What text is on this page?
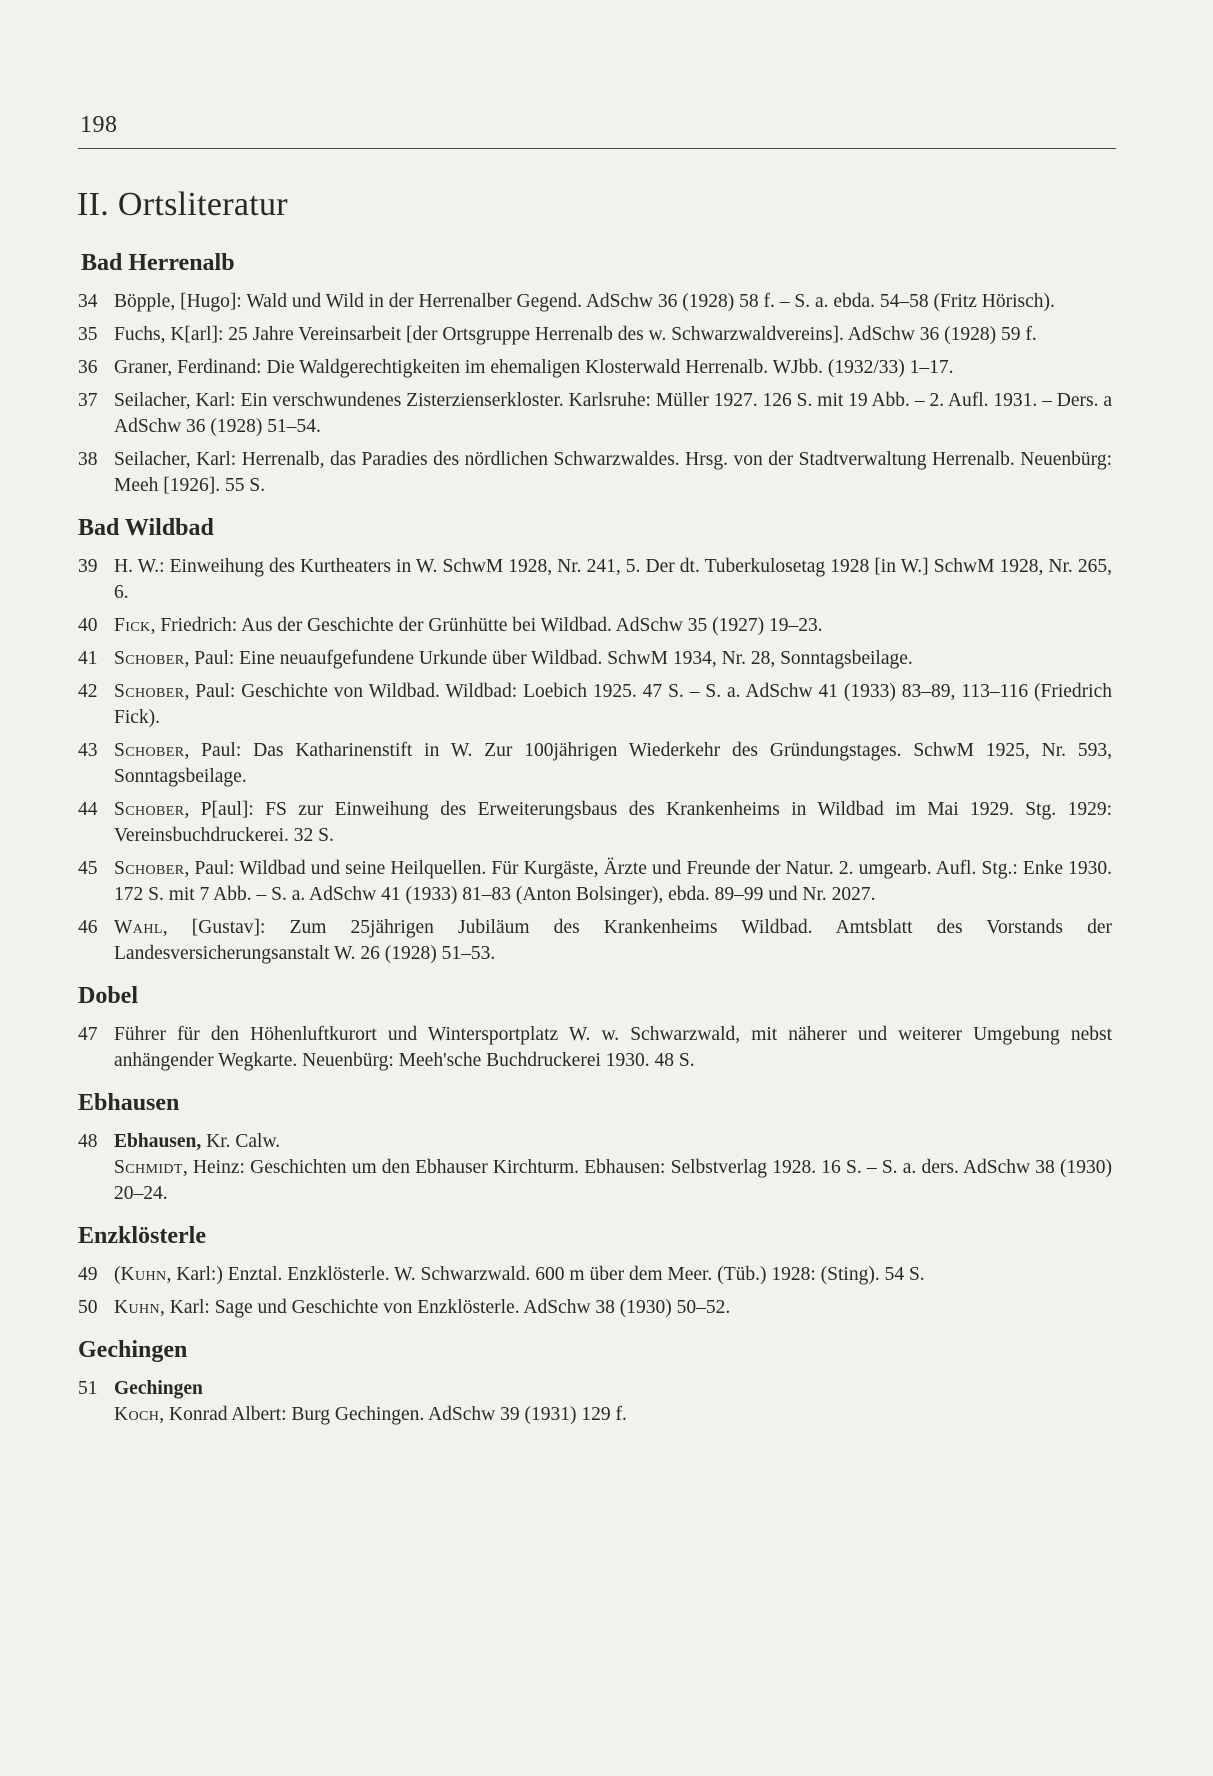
198
II. Ortsliteratur
Bad Herrenalb
34 Böpple, [Hugo]: Wald und Wild in der Herrenalber Gegend. AdSchw 36 (1928) 58 f. – S. a. ebda. 54–58 (Fritz Hörisch).
35 Fuchs, K[arl]: 25 Jahre Vereinsarbeit [der Ortsgruppe Herrenalb des w. Schwarzwaldvereins]. AdSchw 36 (1928) 59 f.
36 Graner, Ferdinand: Die Waldgerechtigkeiten im ehemaligen Klosterwald Herrenalb. WJbb. (1932/33) 1–17.
37 Seilacher, Karl: Ein verschwundenes Zisterzienserkloster. Karlsruhe: Müller 1927. 126 S. mit 19 Abb. – 2. Aufl. 1931. – Ders. a AdSchw 36 (1928) 51–54.
38 Seilacher, Karl: Herrenalb, das Paradies des nördlichen Schwarzwaldes. Hrsg. von der Stadtverwaltung Herrenalb. Neuenbürg: Meeh [1926]. 55 S.
Bad Wildbad
39 H. W.: Einweihung des Kurtheaters in W. SchwM 1928, Nr. 241, 5. Der dt. Tuberkulosetag 1928 [in W.] SchwM 1928, Nr. 265, 6.
40 Fick, Friedrich: Aus der Geschichte der Grünhütte bei Wildbad. AdSchw 35 (1927) 19–23.
41 Schober, Paul: Eine neuaufgefundene Urkunde über Wildbad. SchwM 1934, Nr. 28, Sonntagsbeilage.
42 Schober, Paul: Geschichte von Wildbad. Wildbad: Loebich 1925. 47 S. – S. a. AdSchw 41 (1933) 83–89, 113–116 (Friedrich Fick).
43 Schober, Paul: Das Katharinenstift in W. Zur 100jährigen Wiederkehr des Gründungstages. SchwM 1925, Nr. 593, Sonntagsbeilage.
44 Schober, P[aul]: FS zur Einweihung des Erweiterungsbaus des Krankenheims in Wildbad im Mai 1929. Stg. 1929: Vereinsbuchdruckerei. 32 S.
45 Schober, Paul: Wildbad und seine Heilquellen. Für Kurgäste, Ärzte und Freunde der Natur. 2. umgearb. Aufl. Stg.: Enke 1930. 172 S. mit 7 Abb. – S. a. AdSchw 41 (1933) 81–83 (Anton Bolsinger), ebda. 89–99 und Nr. 2027.
46 Wahl, [Gustav]: Zum 25jährigen Jubiläum des Krankenheims Wildbad. Amtsblatt des Vorstands der Landesversicherungsanstalt W. 26 (1928) 51–53.
Dobel
47 Führer für den Höhenluftkurort und Wintersportplatz W. w. Schwarzwald, mit näherer und weiterer Umgebung nebst anhängender Wegkarte. Neuenbürg: Meeh'sche Buchdruckerei 1930. 48 S.
Ebhausen
48 Ebhausen, Kr. Calw.
Schmidt, Heinz: Geschichten um den Ebhauser Kirchturm. Ebhausen: Selbstverlag 1928. 16 S. – S. a. ders. AdSchw 38 (1930) 20–24.
Enzklösterle
49 (Kuhn, Karl:) Enztal. Enzklösterle. W. Schwarzwald. 600 m über dem Meer. (Tüb.) 1928: (Sting). 54 S.
50 Kuhn, Karl: Sage und Geschichte von Enzklösterle. AdSchw 38 (1930) 50–52.
Gechingen
51 Gechingen
Koch, Konrad Albert: Burg Gechingen. AdSchw 39 (1931) 129 f.
